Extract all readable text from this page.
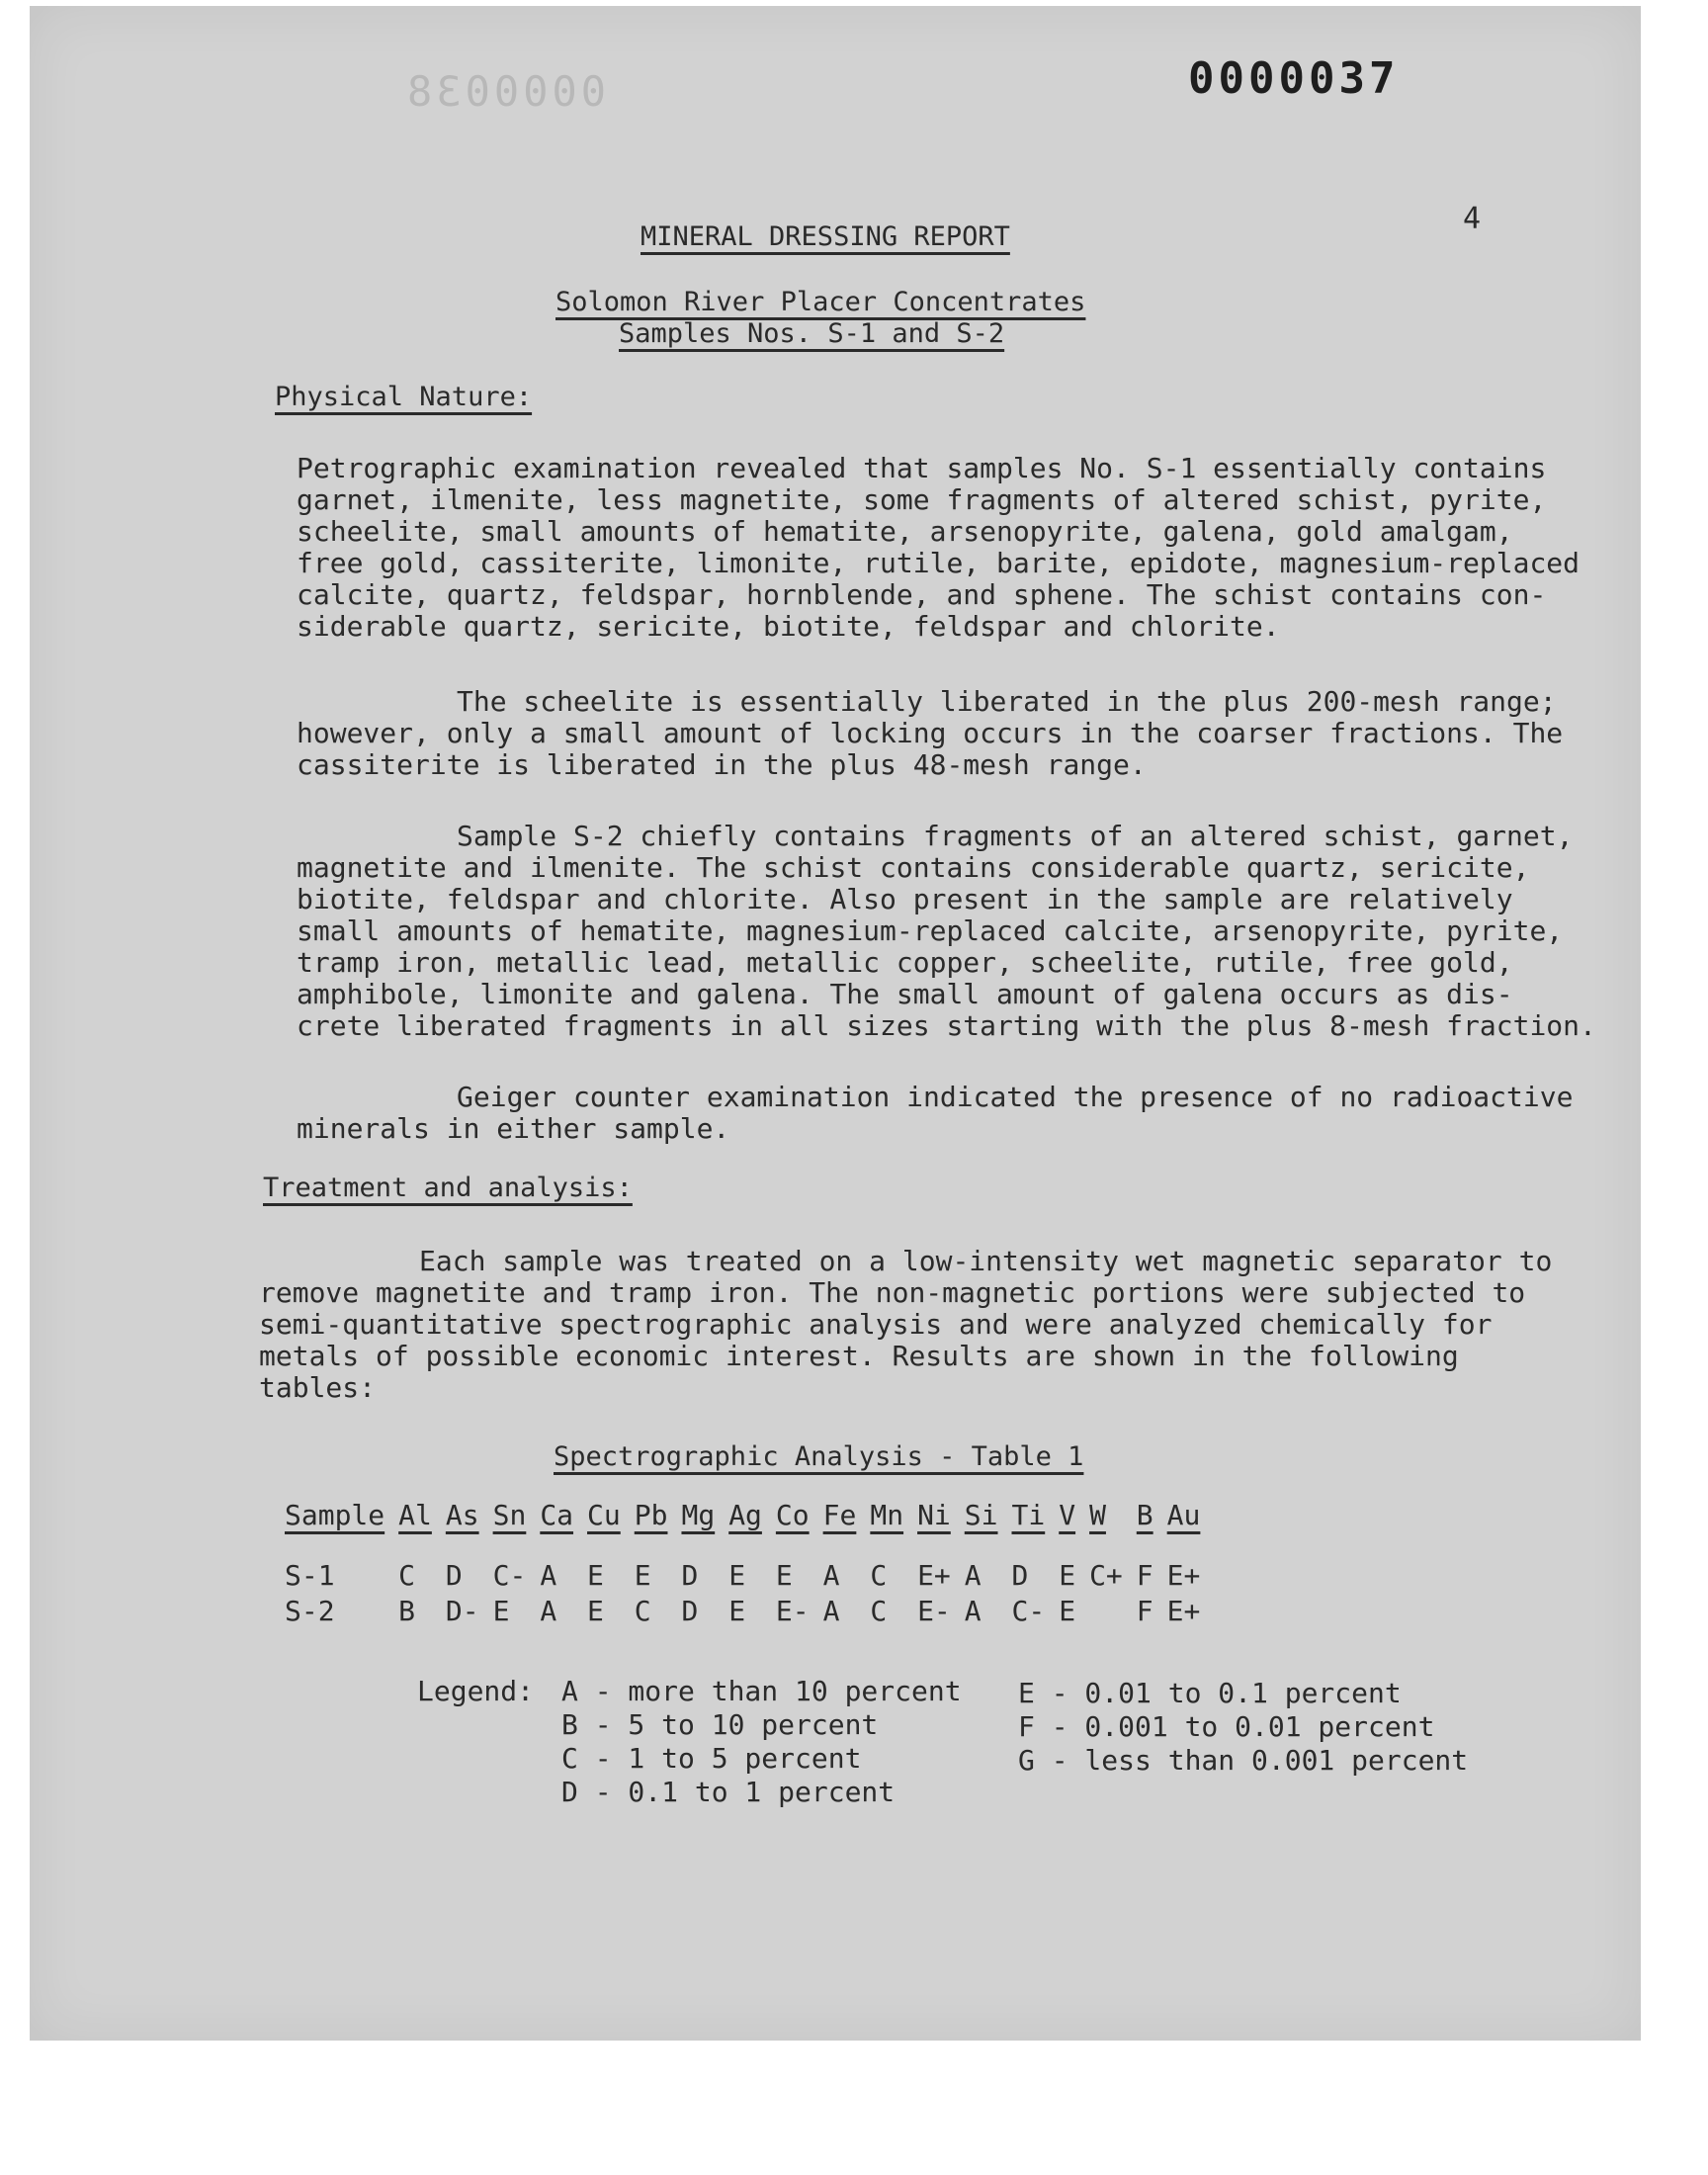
0000038	0000037
4
MINERAL DRESSING REPORT
Solomon River Placer Concentrates
Samples Nos. S-1 and S-2
Physical Nature:
Petrographic examination revealed that samples No. S-1 essentially contains
garnet, ilmenite, less magnetite, some fragments of altered schist, pyrite,
scheelite, small amounts of hematite, arsenopyrite, galena, gold amalgam,
free gold, cassiterite, limonite, rutile, barite, epidote, magnesium-replaced
calcite, quartz, feldspar, hornblende, and sphene. The schist contains con-
siderable quartz, sericite, biotite, feldspar and chlorite.
The scheelite is essentially liberated in the plus 200-mesh range;
however, only a small amount of locking occurs in the coarser fractions. The
cassiterite is liberated in the plus 48-mesh range.
Sample S-2 chiefly contains fragments of an altered schist, garnet,
magnetite and ilmenite. The schist contains considerable quartz, sericite,
biotite, feldspar and chlorite. Also present in the sample are relatively
small amounts of hematite, magnesium-replaced calcite, arsenopyrite, pyrite,
tramp iron, metallic lead, metallic copper, scheelite, rutile, free gold,
amphibole, limonite and galena. The small amount of galena occurs as dis-
crete liberated fragments in all sizes starting with the plus 8-mesh fraction.
Geiger counter examination indicated the presence of no radioactive
minerals in either sample.
Treatment and analysis:
Each sample was treated on a low-intensity wet magnetic separator to
remove magnetite and tramp iron. The non-magnetic portions were subjected to
semi-quantitative spectrographic analysis and were analyzed chemically for
metals of possible economic interest. Results are shown in the following
tables:
Spectrographic Analysis - Table 1
Sample	Al	As	Sn	Ca	Cu	Pb	Mg	Ag	Co	Fe	Mn	Ni	Si	Ti	V	W	B	Au
S-1	C	D	C-	A	E	E	D	E	E	A	C	E+	A	D	E	C+	F	E+
S-2	B	D-	E	A	E	C	D	E	E-	A	C	E-	A	C-	E		F	E+
Legend: A - more than 10 percent
B - 5 to 10 percent
C - 1 to 5 percent
D - 0.1 to 1 percent
E - 0.01 to 0.1 percent
F - 0.001 to 0.01 percent
G - less than 0.001 percent
